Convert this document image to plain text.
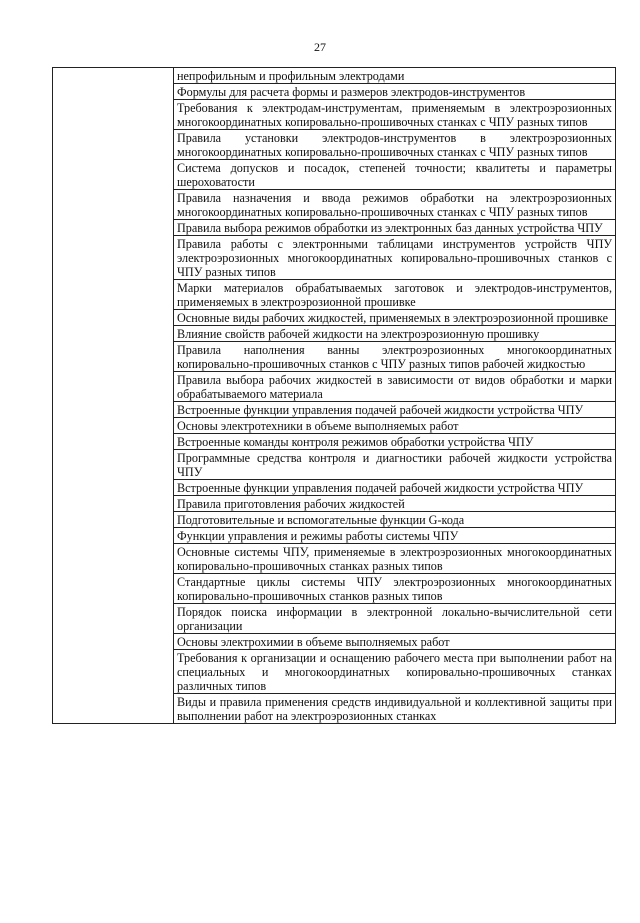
27
	непрофильным и профильным электродами
Формулы для расчета формы и размеров электродов-инструментов
Требования к электродам-инструментам, применяемым в электроэрозионных многокоординатных копировально-прошивочных станках с ЧПУ разных типов
Правила установки электродов-инструментов в электроэрозионных многокоординатных копировально-прошивочных станках с ЧПУ разных типов
Система допусков и посадок, степеней точности; квалитеты и параметры шероховатости
Правила назначения и ввода режимов обработки на электроэрозионных многокоординатных копировально-прошивочных станках с ЧПУ разных типов
Правила выбора режимов обработки из электронных баз данных устройства ЧПУ
Правила работы с электронными таблицами инструментов устройств ЧПУ электроэрозионных многокоординатных копировально-прошивочных станков с ЧПУ разных типов
Марки материалов обрабатываемых заготовок и электродов-инструментов, применяемых в электроэрозионной прошивке
Основные виды рабочих жидкостей, применяемых в электроэрозионной прошивке
Влияние свойств рабочей жидкости на электроэрозионную прошивку
Правила наполнения ванны электроэрозионных многокоординатных копировально-прошивочных станков с ЧПУ разных типов рабочей жидкостью
Правила выбора рабочих жидкостей в зависимости от видов обработки и марки обрабатываемого материала
Встроенные функции управления подачей рабочей жидкости устройства ЧПУ
Основы электротехники в объеме выполняемых работ
Встроенные команды контроля режимов обработки устройства ЧПУ
Программные средства контроля и диагностики рабочей жидкости устройства ЧПУ
Встроенные функции управления подачей рабочей жидкости устройства ЧПУ
Правила приготовления рабочих жидкостей
Подготовительные и вспомогательные функции G-кода
Функции управления и режимы работы системы ЧПУ
Основные системы ЧПУ, применяемые в электроэрозионных многокоординатных копировально-прошивочных станках разных типов
Стандартные циклы системы ЧПУ электроэрозионных многокоординатных копировально-прошивочных станков разных типов
Порядок поиска информации в электронной локально-вычислительной сети организации
Основы электрохимии в объеме выполняемых работ
Требования к организации и оснащению рабочего места при выполнении работ на специальных и многокоординатных копировально-прошивочных станках различных типов
Виды и правила применения средств индивидуальной и коллективной защиты при выполнении работ на электроэрозионных станках
